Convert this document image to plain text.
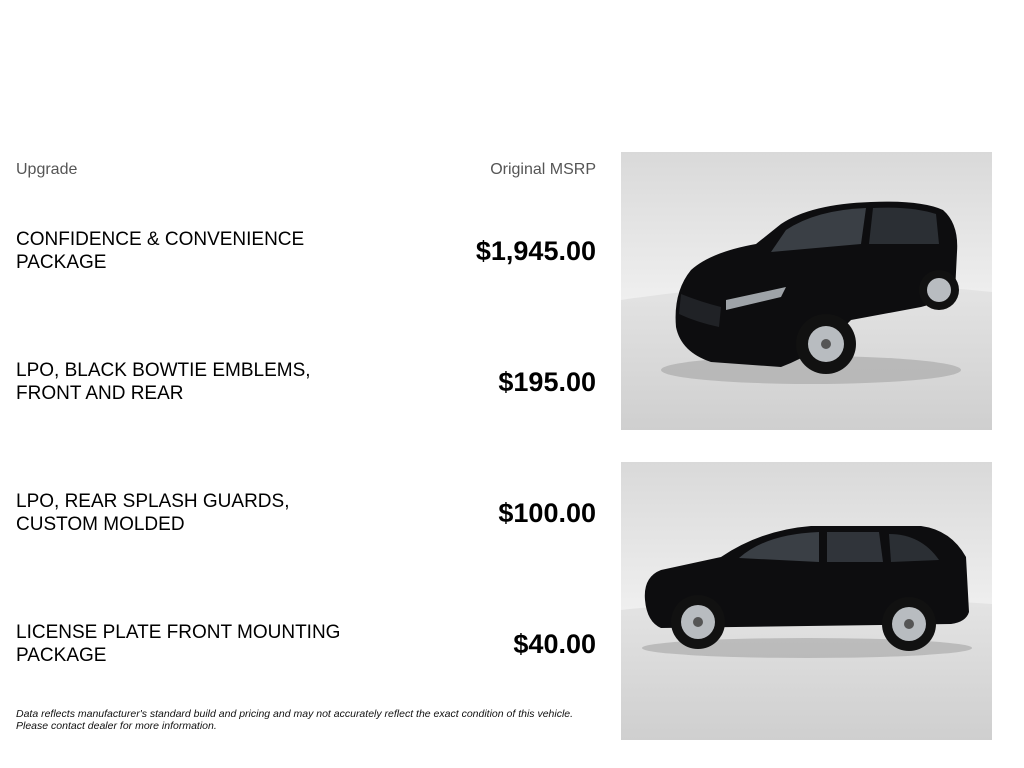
Upgrade	Original MSRP
CONFIDENCE & CONVENIENCE PACKAGE	$1,945.00
LPO, BLACK BOWTIE EMBLEMS, FRONT AND REAR	$195.00
LPO, REAR SPLASH GUARDS, CUSTOM MOLDED	$100.00
LICENSE PLATE FRONT MOUNTING PACKAGE	$40.00
Data reflects manufacturer's standard build and pricing and may not accurately reflect the exact condition of this vehicle.
Please contact dealer for more information.
